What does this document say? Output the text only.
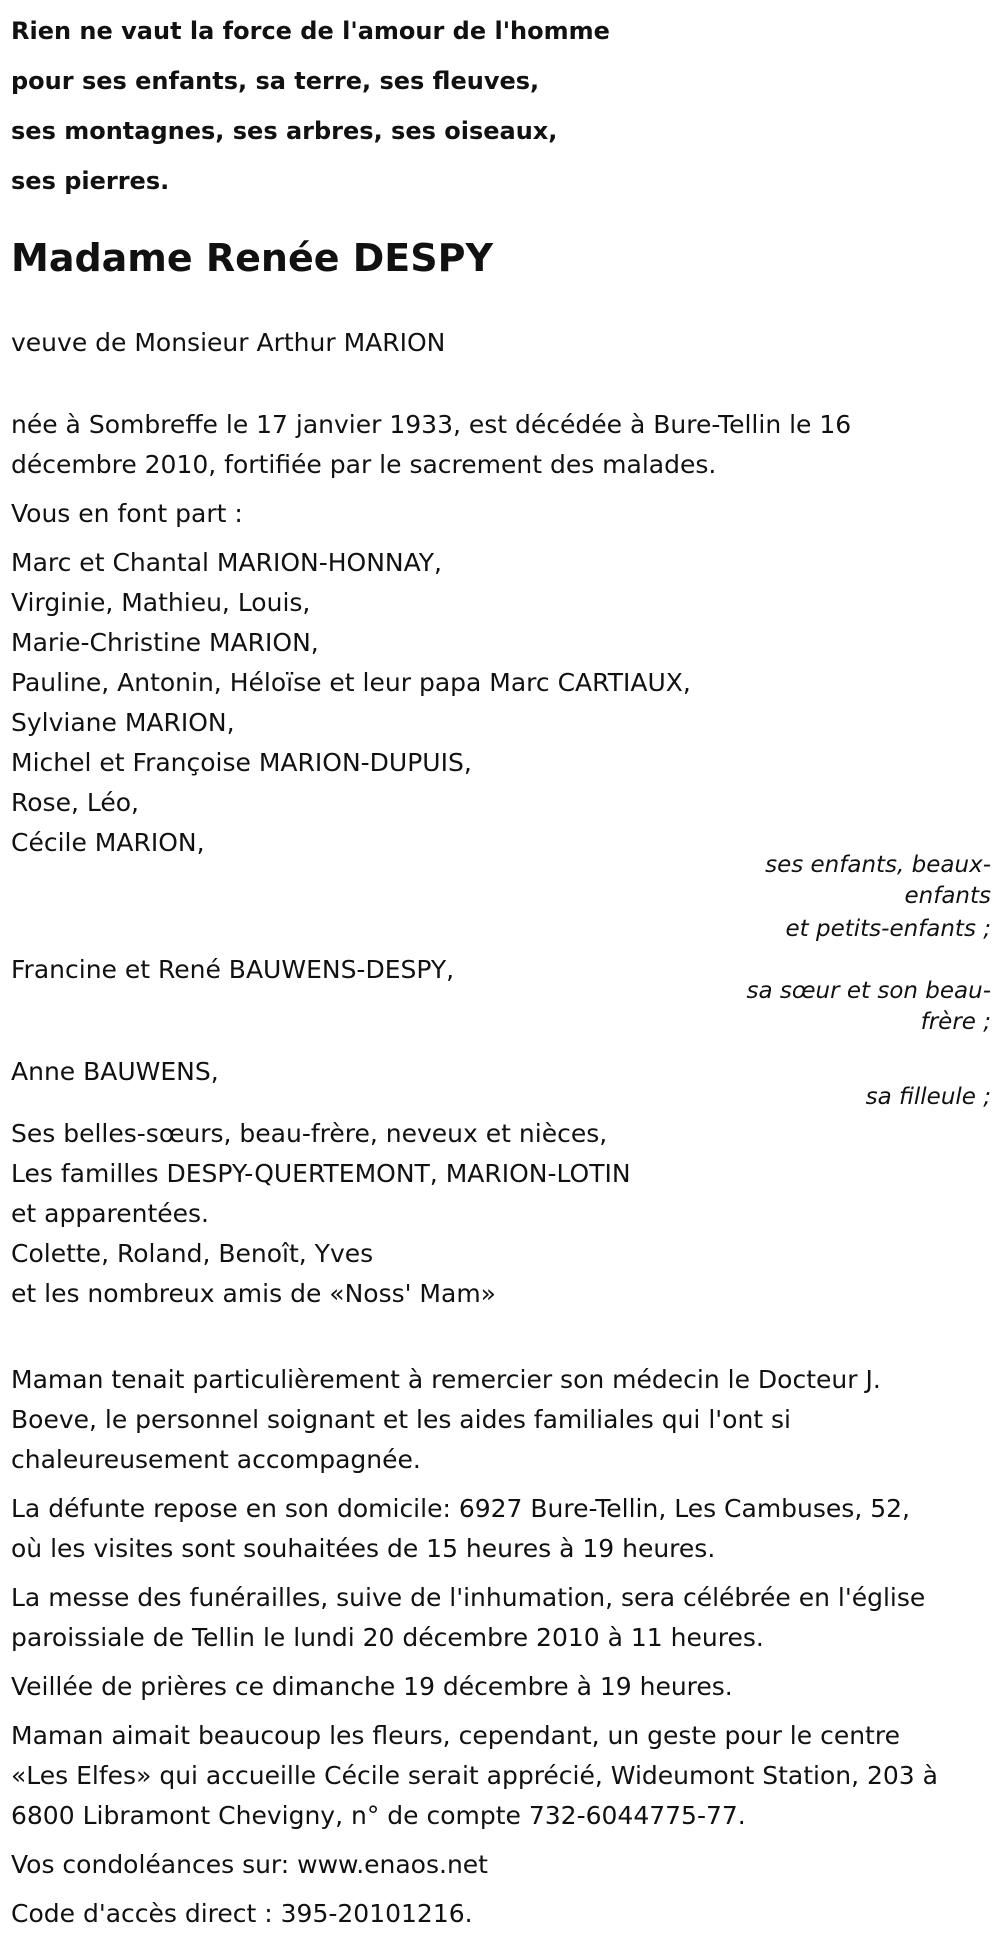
Rien ne vaut la force de l'amour de l'homme
pour ses enfants, sa terre, ses fleuves,
ses montagnes, ses arbres, ses oiseaux,
ses pierres.
Madame Renée DESPY
veuve de Monsieur Arthur MARION
née à Sombreffe le 17 janvier 1933, est décédée à Bure-Tellin le 16
décembre 2010, fortifiée par le sacrement des malades.
Vous en font part :
Marc et Chantal MARION-HONNAY,
Virginie, Mathieu, Louis,
Marie-Christine MARION,
Pauline, Antonin, Héloïse et leur papa Marc CARTIAUX,
Sylviane MARION,
Michel et Françoise MARION-DUPUIS,
Rose, Léo,
Cécile MARION,
ses enfants, beaux-enfants
et petits-enfants ;
Francine et René BAUWENS-DESPY,
sa sœur et son beau-frère ;
Anne BAUWENS,
sa filleule ;
Ses belles-sœurs, beau-frère, neveux et nièces,
Les familles DESPY-QUERTEMONT, MARION-LOTIN
et apparentées.
Colette, Roland, Benoît, Yves
et les nombreux amis de «Noss' Mam»
Maman tenait particulièrement à remercier son médecin le Docteur J.
Boeve, le personnel soignant et les aides familiales qui l'ont si
chaleureusement accompagnée.
La défunte repose en son domicile: 6927 Bure-Tellin, Les Cambuses, 52,
où les visites sont souhaitées de 15 heures à 19 heures.
La messe des funérailles, suive de l'inhumation, sera célébrée en l'église
paroissiale de Tellin le lundi 20 décembre 2010 à 11 heures.
Veillée de prières ce dimanche 19 décembre à 19 heures.
Maman aimait beaucoup les fleurs, cependant, un geste pour le centre
«Les Elfes» qui accueille Cécile serait apprécié, Wideumont Station, 203 à
6800 Libramont Chevigny, n° de compte 732-6044775-77.
Vos condoléances sur: www.enaos.net
Code d'accès direct : 395-20101216.
